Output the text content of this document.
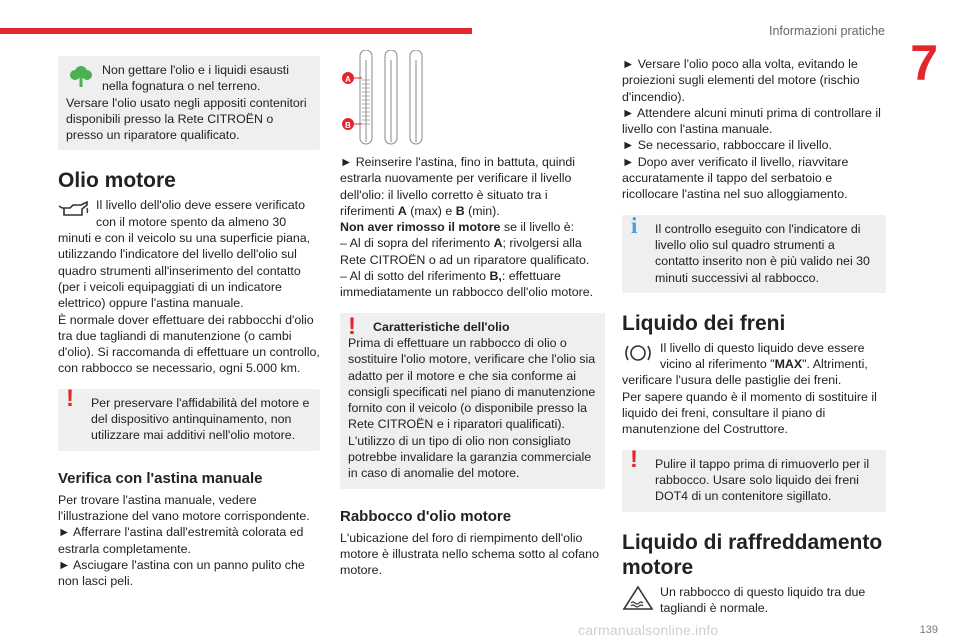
Informazioni pratiche
7

Non gettare l'olio e i liquidi esausti nella fognatura o nel terreno.

Versare l'olio usato negli appositi contenitori disponibili presso la Rete CITROËN o presso un riparatore qualificato.

Olio motore

Il livello dell'olio deve essere verificato con il motore spento da almeno 30 minuti e con il veicolo su una superficie piana, utilizzando l'indicatore del livello dell'olio sul quadro strumenti all'inserimento del contatto (per i veicoli equipaggiati di un indicatore elettrico) oppure l'astina manuale.

È normale dover effettuare dei rabbocchi d'olio tra due tagliandi di manutenzione (o cambi d'olio). Si raccomanda di effettuare un controllo, con rabbocco se necessario, ogni 5.000 km.

! Per preservare l'affidabilità del motore e del dispositivo antinquinamento, non utilizzare mai additivi nell'olio motore.

Verifica con l'astina manuale

Per trovare l'astina manuale, vedere l'illustrazione del vano motore corrispondente.

► Afferrare l'astina dall'estremità colorata ed estrarla completamente.

► Asciugare l'astina con un panno pulito che non lasci peli.

A
B

► Reinserire l'astina, fino in battuta, quindi estrarla nuovamente per verificare il livello dell'olio: il livello corretto è situato tra i riferimenti A (max) e B (min).

Non aver rimosso il motore se il livello è:

– Al di sopra del riferimento A; rivolgersi alla Rete CITROËN o ad un riparatore qualificato.

– Al di sotto del riferimento B,: effettuare immediatamente un rabbocco dell'olio motore.

!	Caratteristiche dell'olio

Prima di effettuare un rabbocco di olio o sostituire l'olio motore, verificare che l'olio sia adatto per il motore e che sia conforme ai consigli specificati nel piano di manutenzione fornito con il veicolo (o disponibile presso la Rete CITROËN e i riparatori qualificati). L'utilizzo di un tipo di olio non consigliato potrebbe invalidare la garanzia commerciale in caso di anomalie del motore.

Rabbocco d'olio motore

L'ubicazione del foro di riempimento dell'olio motore è illustrata nello schema sotto al cofano motore.

► Versare l'olio poco alla volta, evitando le proiezioni sugli elementi del motore (rischio d'incendio).

► Attendere alcuni minuti prima di controllare il livello con l'astina manuale.

► Se necessario, rabboccare il livello.

► Dopo aver verificato il livello, riavvitare accuratamente il tappo del serbatoio e ricollocare l'astina nel suo alloggiamento.

i Il controllo eseguito con l'indicatore di livello olio sul quadro strumenti a contatto inserito non è più valido nei 30 minuti successivi al rabbocco.

Liquido dei freni

Il livello di questo liquido deve essere vicino al riferimento "MAX". Altrimenti, verificare l'usura delle pastiglie dei freni.

Per sapere quando è il momento di sostituire il liquido dei freni, consultare il piano di manutenzione del Costruttore.

! Pulire il tappo prima di rimuoverlo per il rabbocco. Usare solo liquido dei freni DOT4 di un contenitore sigillato.

Liquido di raffreddamento motore

Un rabbocco di questo liquido tra due tagliandi è normale.

carmanualsonline.info	139
